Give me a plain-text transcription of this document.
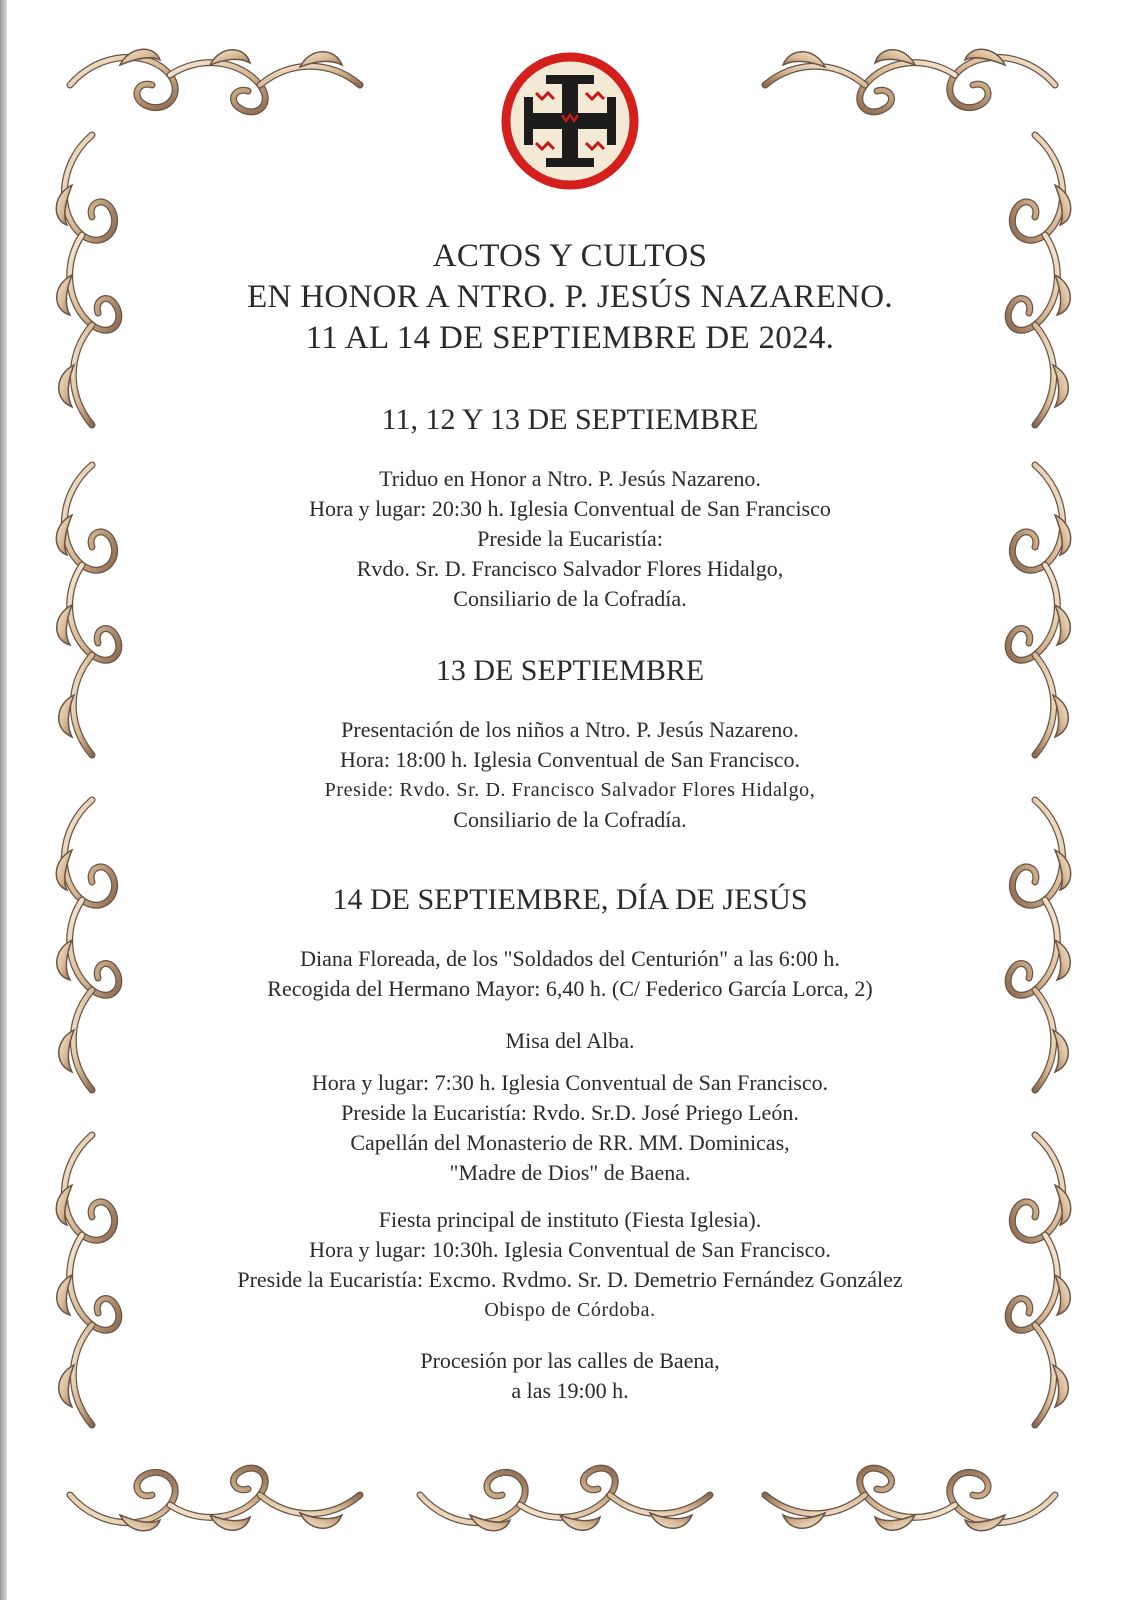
ACTOS Y CULTOS
EN HONOR A NTRO. P. JESÚS NAZARENO.
11 AL 14 DE SEPTIEMBRE DE 2024.
11, 12 Y 13 DE SEPTIEMBRE
Triduo en Honor a Ntro. P. Jesús Nazareno.
Hora y lugar: 20:30 h. Iglesia Conventual de San Francisco
Preside la Eucaristía:
Rvdo. Sr. D. Francisco Salvador Flores Hidalgo,
Consiliario de la Cofradía.
13 DE SEPTIEMBRE
Presentación de los niños a Ntro. P. Jesús Nazareno.
Hora: 18:00 h. Iglesia Conventual de San Francisco.
Preside: Rvdo. Sr. D. Francisco Salvador Flores Hidalgo,
Consiliario de la Cofradía.
14 DE SEPTIEMBRE, DÍA DE JESÚS
Diana Floreada, de los "Soldados del Centurión" a las 6:00 h.
Recogida del Hermano Mayor: 6,40 h. (C/ Federico García Lorca, 2)
Misa del Alba.
Hora y lugar: 7:30 h. Iglesia Conventual de San Francisco.
Preside la Eucaristía: Rvdo. Sr.D. José Priego León.
Capellán del Monasterio de RR. MM. Dominicas,
"Madre de Dios" de Baena.
Fiesta principal de instituto (Fiesta Iglesia).
Hora y lugar: 10:30h. Iglesia Conventual de San Francisco.
Preside la Eucaristía: Excmo. Rvdmo. Sr. D. Demetrio Fernández González
Obispo de Córdoba.
Procesión por las calles de Baena,
a las 19:00 h.
